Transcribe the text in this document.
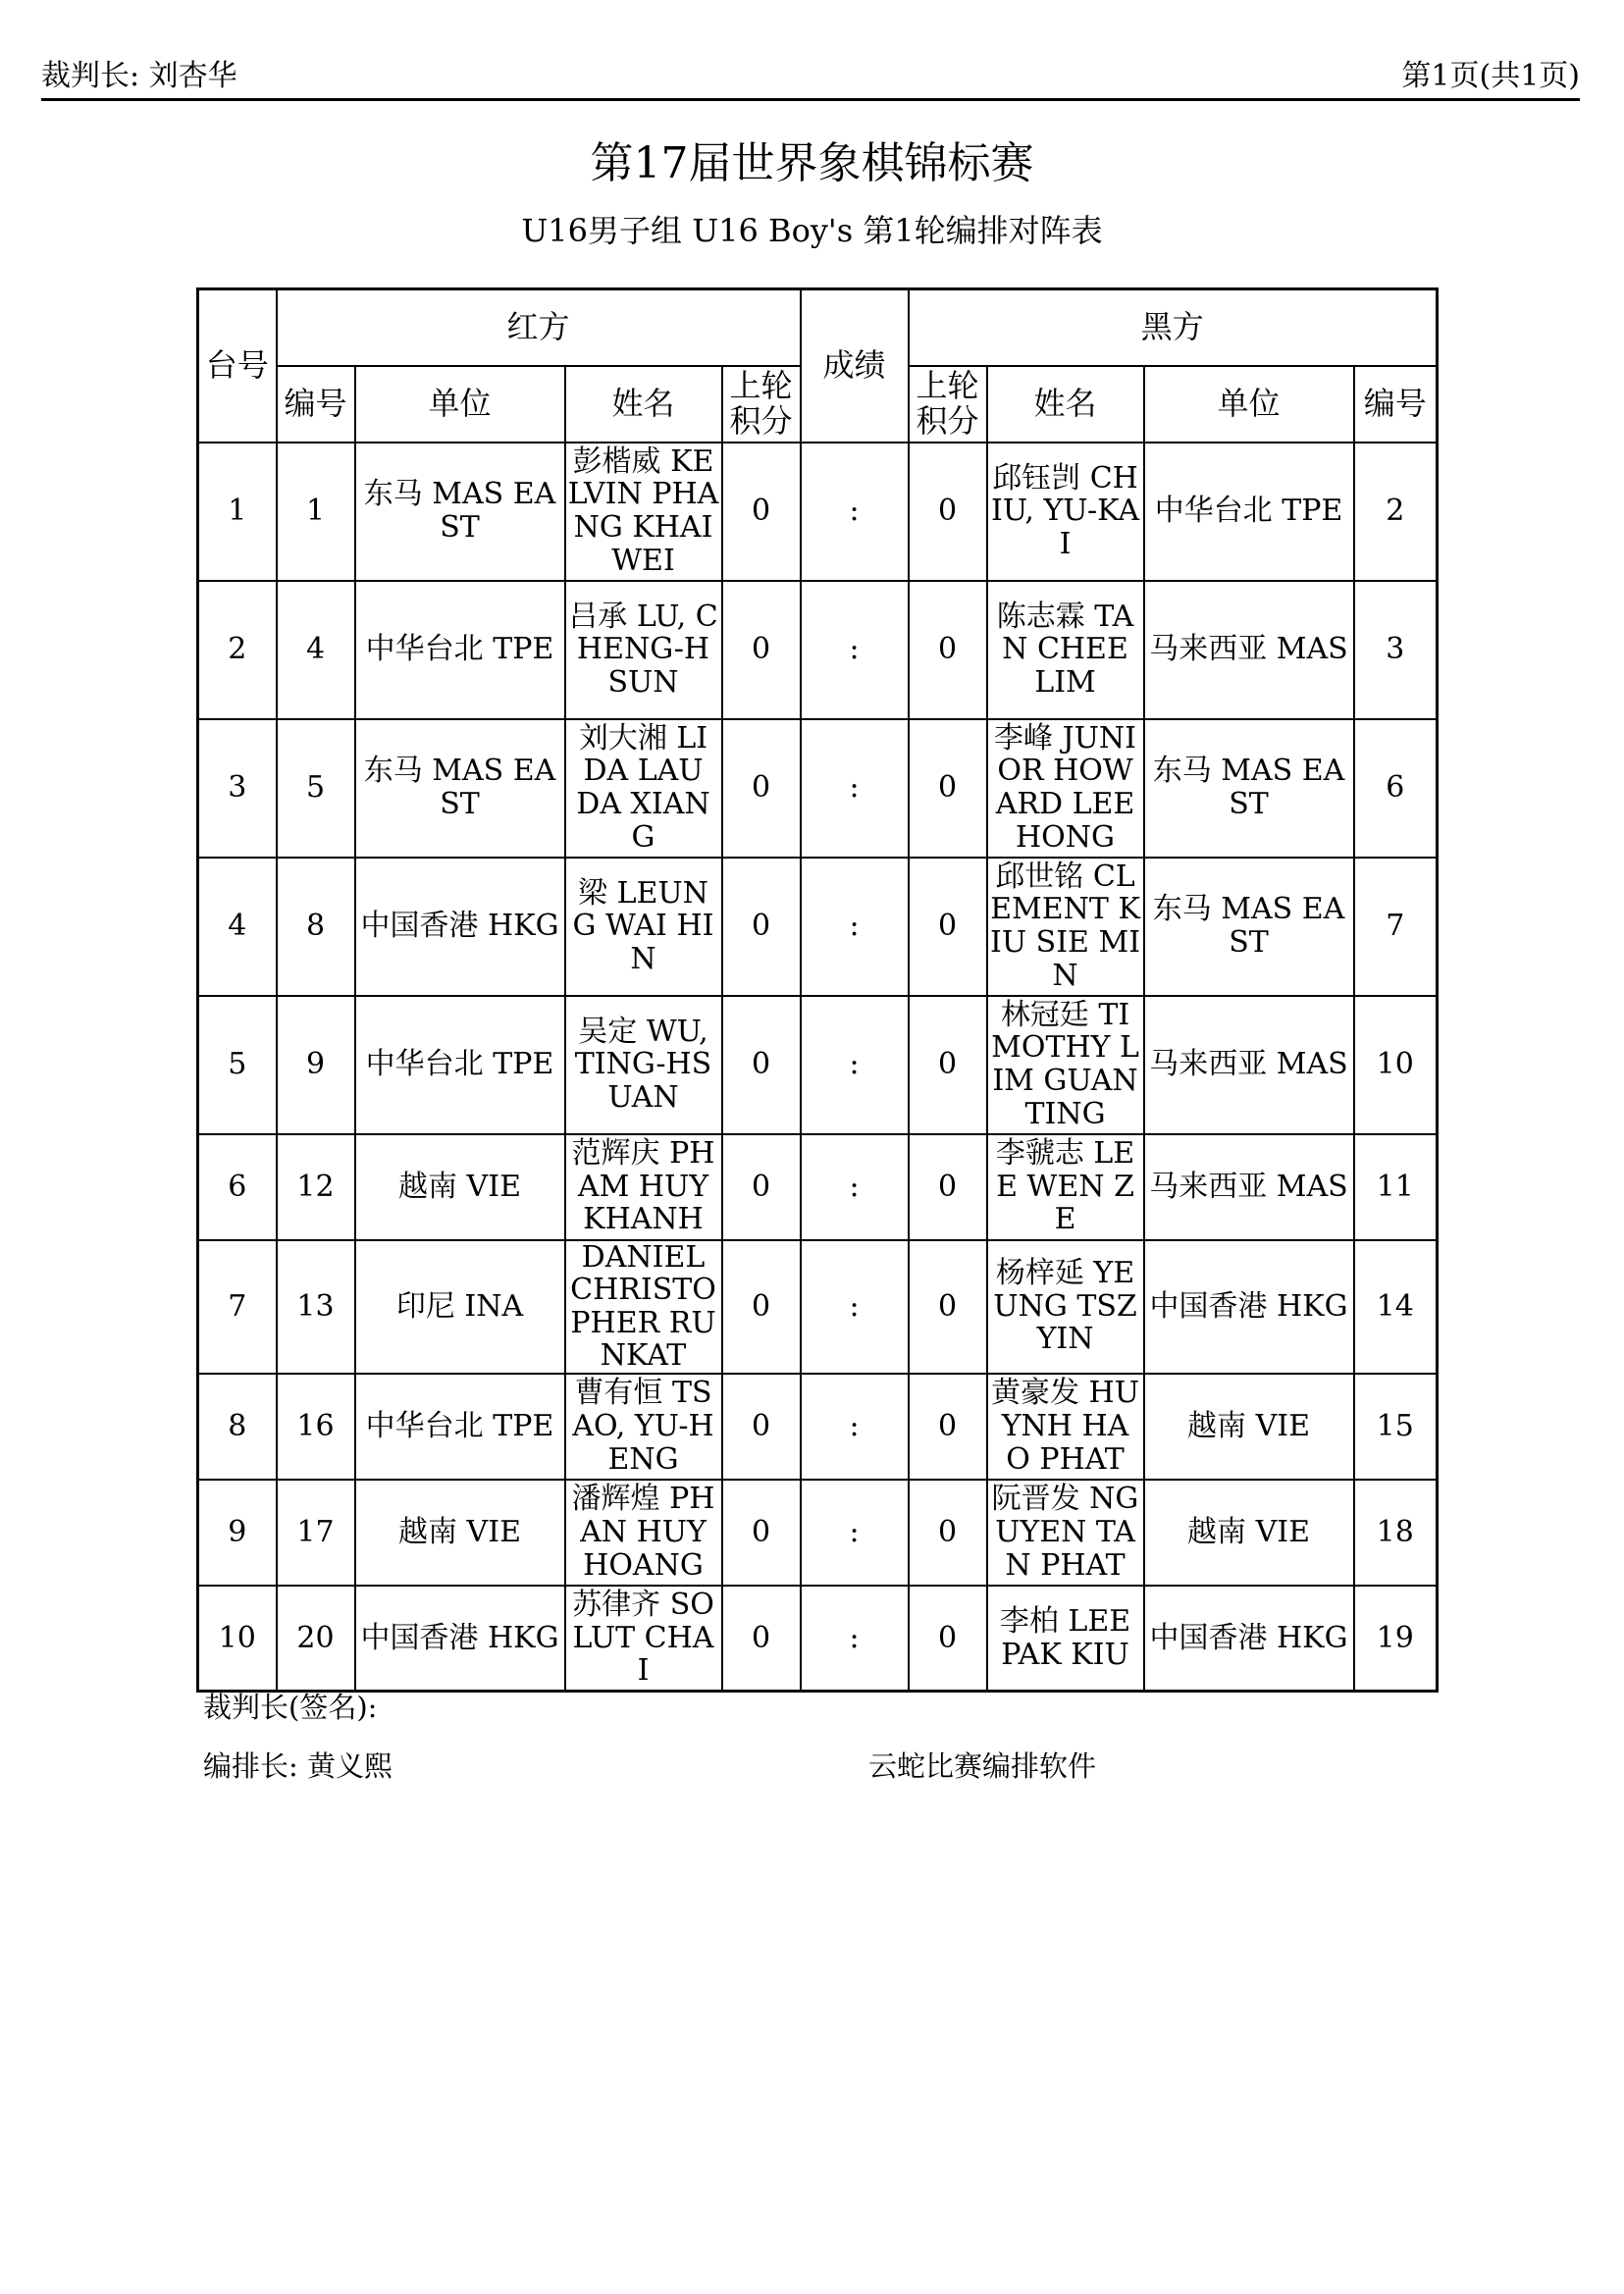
裁判长: 刘杏华	第1页(共1页)
第17届世界象棋锦标赛
U16男子组 U16 Boy's 第1轮编排对阵表
台号	红方				成绩	黑方			
	编号	单位	姓名	上轮积分		上轮积分	姓名	单位	编号
1	1	东马 MAS EAST	彭楷威 KELVIN PHANG KHAI WEI	0	:	0	邱钰剀 CHIU, YU-KAI	中华台北 TPE	2
2	4	中华台北 TPE	吕承 LU, CHENG-HSUN	0	:	0	陈志霖 TAN CHEE LIM	马来西亚 MAS	3
3	5	东马 MAS EAST	刘大湘 LIDA LAU DA XIANG	0	:	0	李峰 JUNIOR HOWARD LEE HONG	东马 MAS EAST	6
4	8	中国香港 HKG	梁 LEUNG WAI HIN	0	:	0	邱世铭 CLEMENT KIU SIE MIN	东马 MAS EAST	7
5	9	中华台北 TPE	吴定 WU, TING-HSUAN	0	:	0	林冠廷 TIMOTHY LIM GUAN TING	马来西亚 MAS	10
6	12	越南 VIE	范辉庆 PHAM HUY KHANH	0	:	0	李虢志 LEE WEN ZE	马来西亚 MAS	11
7	13	印尼 INA	DANIEL CHRISTOPHER RUNKAT	0	:	0	杨梓延 YEUNG TSZ YIN	中国香港 HKG	14
8	16	中华台北 TPE	曹有恒 TSAO, YU-HENG	0	:	0	黄豪发 HUYNH HAO PHAT	越南 VIE	15
9	17	越南 VIE	潘辉煌 PHAN HUY HOANG	0	:	0	阮晋发 NGUYEN TAN PHAT	越南 VIE	18
10	20	中国香港 HKG	苏律齐 SO LUT CHAI	0	:	0	李柏 LEE PAK KIU	中国香港 HKG	19
裁判长(签名):
编排长: 黄义熙	云蛇比赛编排软件
